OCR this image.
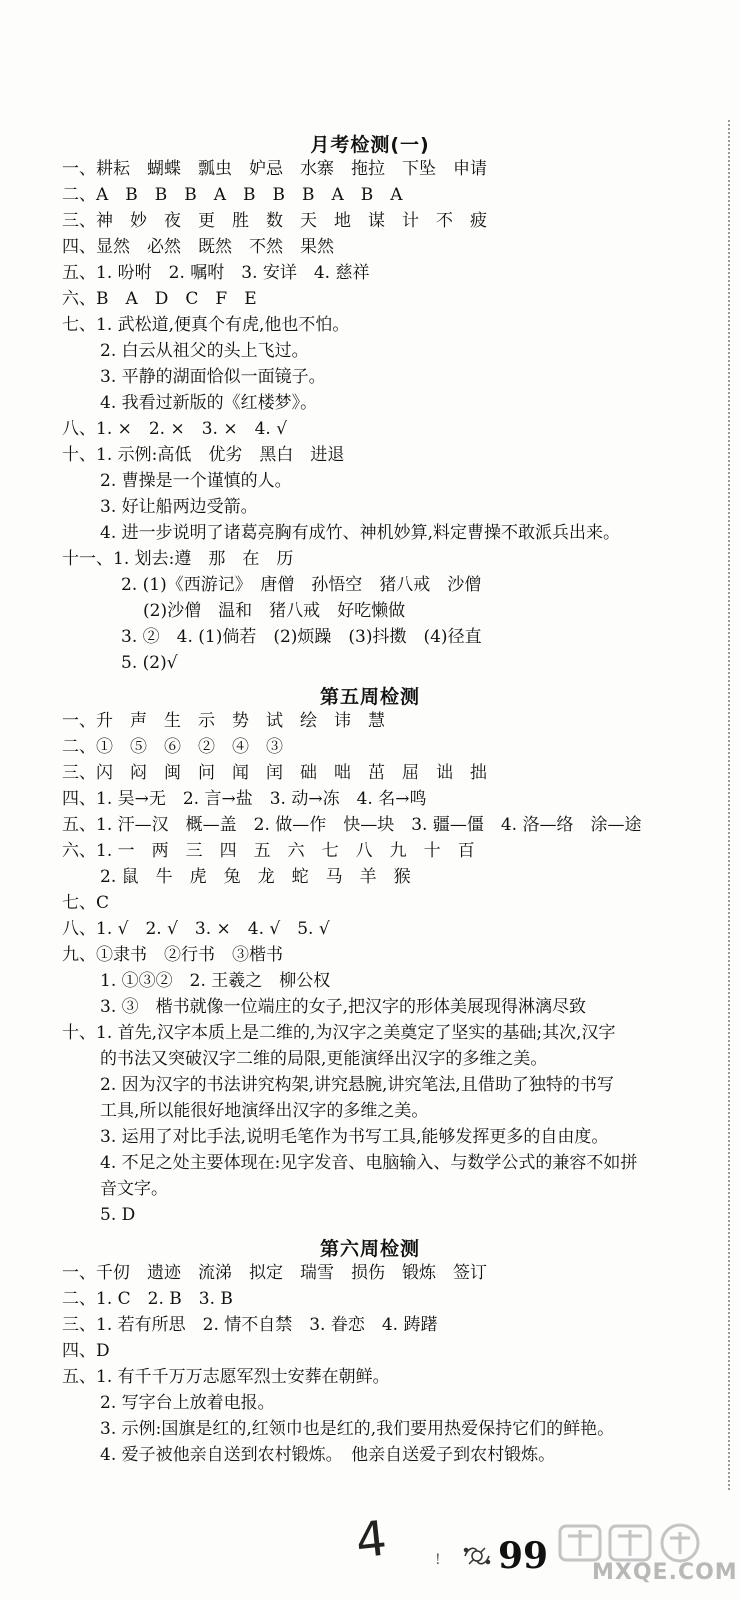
月考检测(一)
一、耕耘　蝴蝶　瓢虫　妒忌　水寨　拖拉　下坠　申请
二、A　B　B　B　A　B　B　B　A　B　A
三、神　妙　夜　更　胜　数　天　地　谋　计　不　疲
四、显然　必然　既然　不然　果然
五、1. 吩咐　2. 嘱咐　3. 安详　4. 慈祥
六、B　A　D　C　F　E
七、1. 武松道,便真个有虎,他也不怕。
2. 白云从祖父的头上飞过。
3. 平静的湖面恰似一面镜子。
4. 我看过新版的《红楼梦》。
八、1. ×　2. ×　3. ×　4. √
十、1. 示例:高低　优劣　黑白　进退
2. 曹操是一个谨慎的人。
3. 好让船两边受箭。
4. 进一步说明了诸葛亮胸有成竹、神机妙算,料定曹操不敢派兵出来。
十一、1. 划去:遵　那　在　历
2. (1)《西游记》　唐僧　孙悟空　猪八戒　沙僧
(2)沙僧　温和　猪八戒　好吃懒做
3. ②　4. (1)倘若　(2)烦躁　(3)抖擞　(4)径直
5. (2)√
第五周检测
一、升　声　生　示　势　试　绘　讳　慧
二、①　⑤　⑥　②　④　③
三、闪　闷　闽　问　闻　闰　础　咄　茁　屈　诎　拙
四、1. 吴→无　2. 言→盐　3. 动→冻　4. 名→鸣
五、1. 汗—汉　概—盖　2. 做—作　快—块　3. 疆—僵　4. 洛—络　涂—途
六、1. 一　两　三　四　五　六　七　八　九　十　百
2. 鼠　牛　虎　兔　龙　蛇　马　羊　猴
七、C
八、1. √　2. √　3. ×　4. √　5. √
九、①隶书　②行书　③楷书
1. ①③②　2. 王羲之　柳公权
3. ③　楷书就像一位端庄的女子,把汉字的形体美展现得淋漓尽致
十、1. 首先,汉字本质上是二维的,为汉字之美奠定了坚实的基础;其次,汉字
的书法又突破汉字二维的局限,更能演绎出汉字的多维之美。
2. 因为汉字的书法讲究构架,讲究悬腕,讲究笔法,且借助了独特的书写
工具,所以能很好地演绎出汉字的多维之美。
3. 运用了对比手法,说明毛笔作为书写工具,能够发挥更多的自由度。
4. 不足之处主要体现在:见字发音、电脑输入、与数学公式的兼容不如拼
音文字。
5. D
第六周检测
一、千仞　遗迹　流涕　拟定　瑞雪　损伤　锻炼　签订
二、1. C　2. B　3. B
三、1. 若有所思　2. 情不自禁　3. 眷恋　4. 踌躇
四、D
五、1. 有千千万万志愿军烈士安葬在朝鲜。
2. 写字台上放着电报。
3. 示例:国旗是红的,红领巾也是红的,我们要用热爱保持它们的鲜艳。
4. 爱子被他亲自送到农村锻炼。　他亲自送爱子到农村锻炼。
4	! 99 MXQE.COM
